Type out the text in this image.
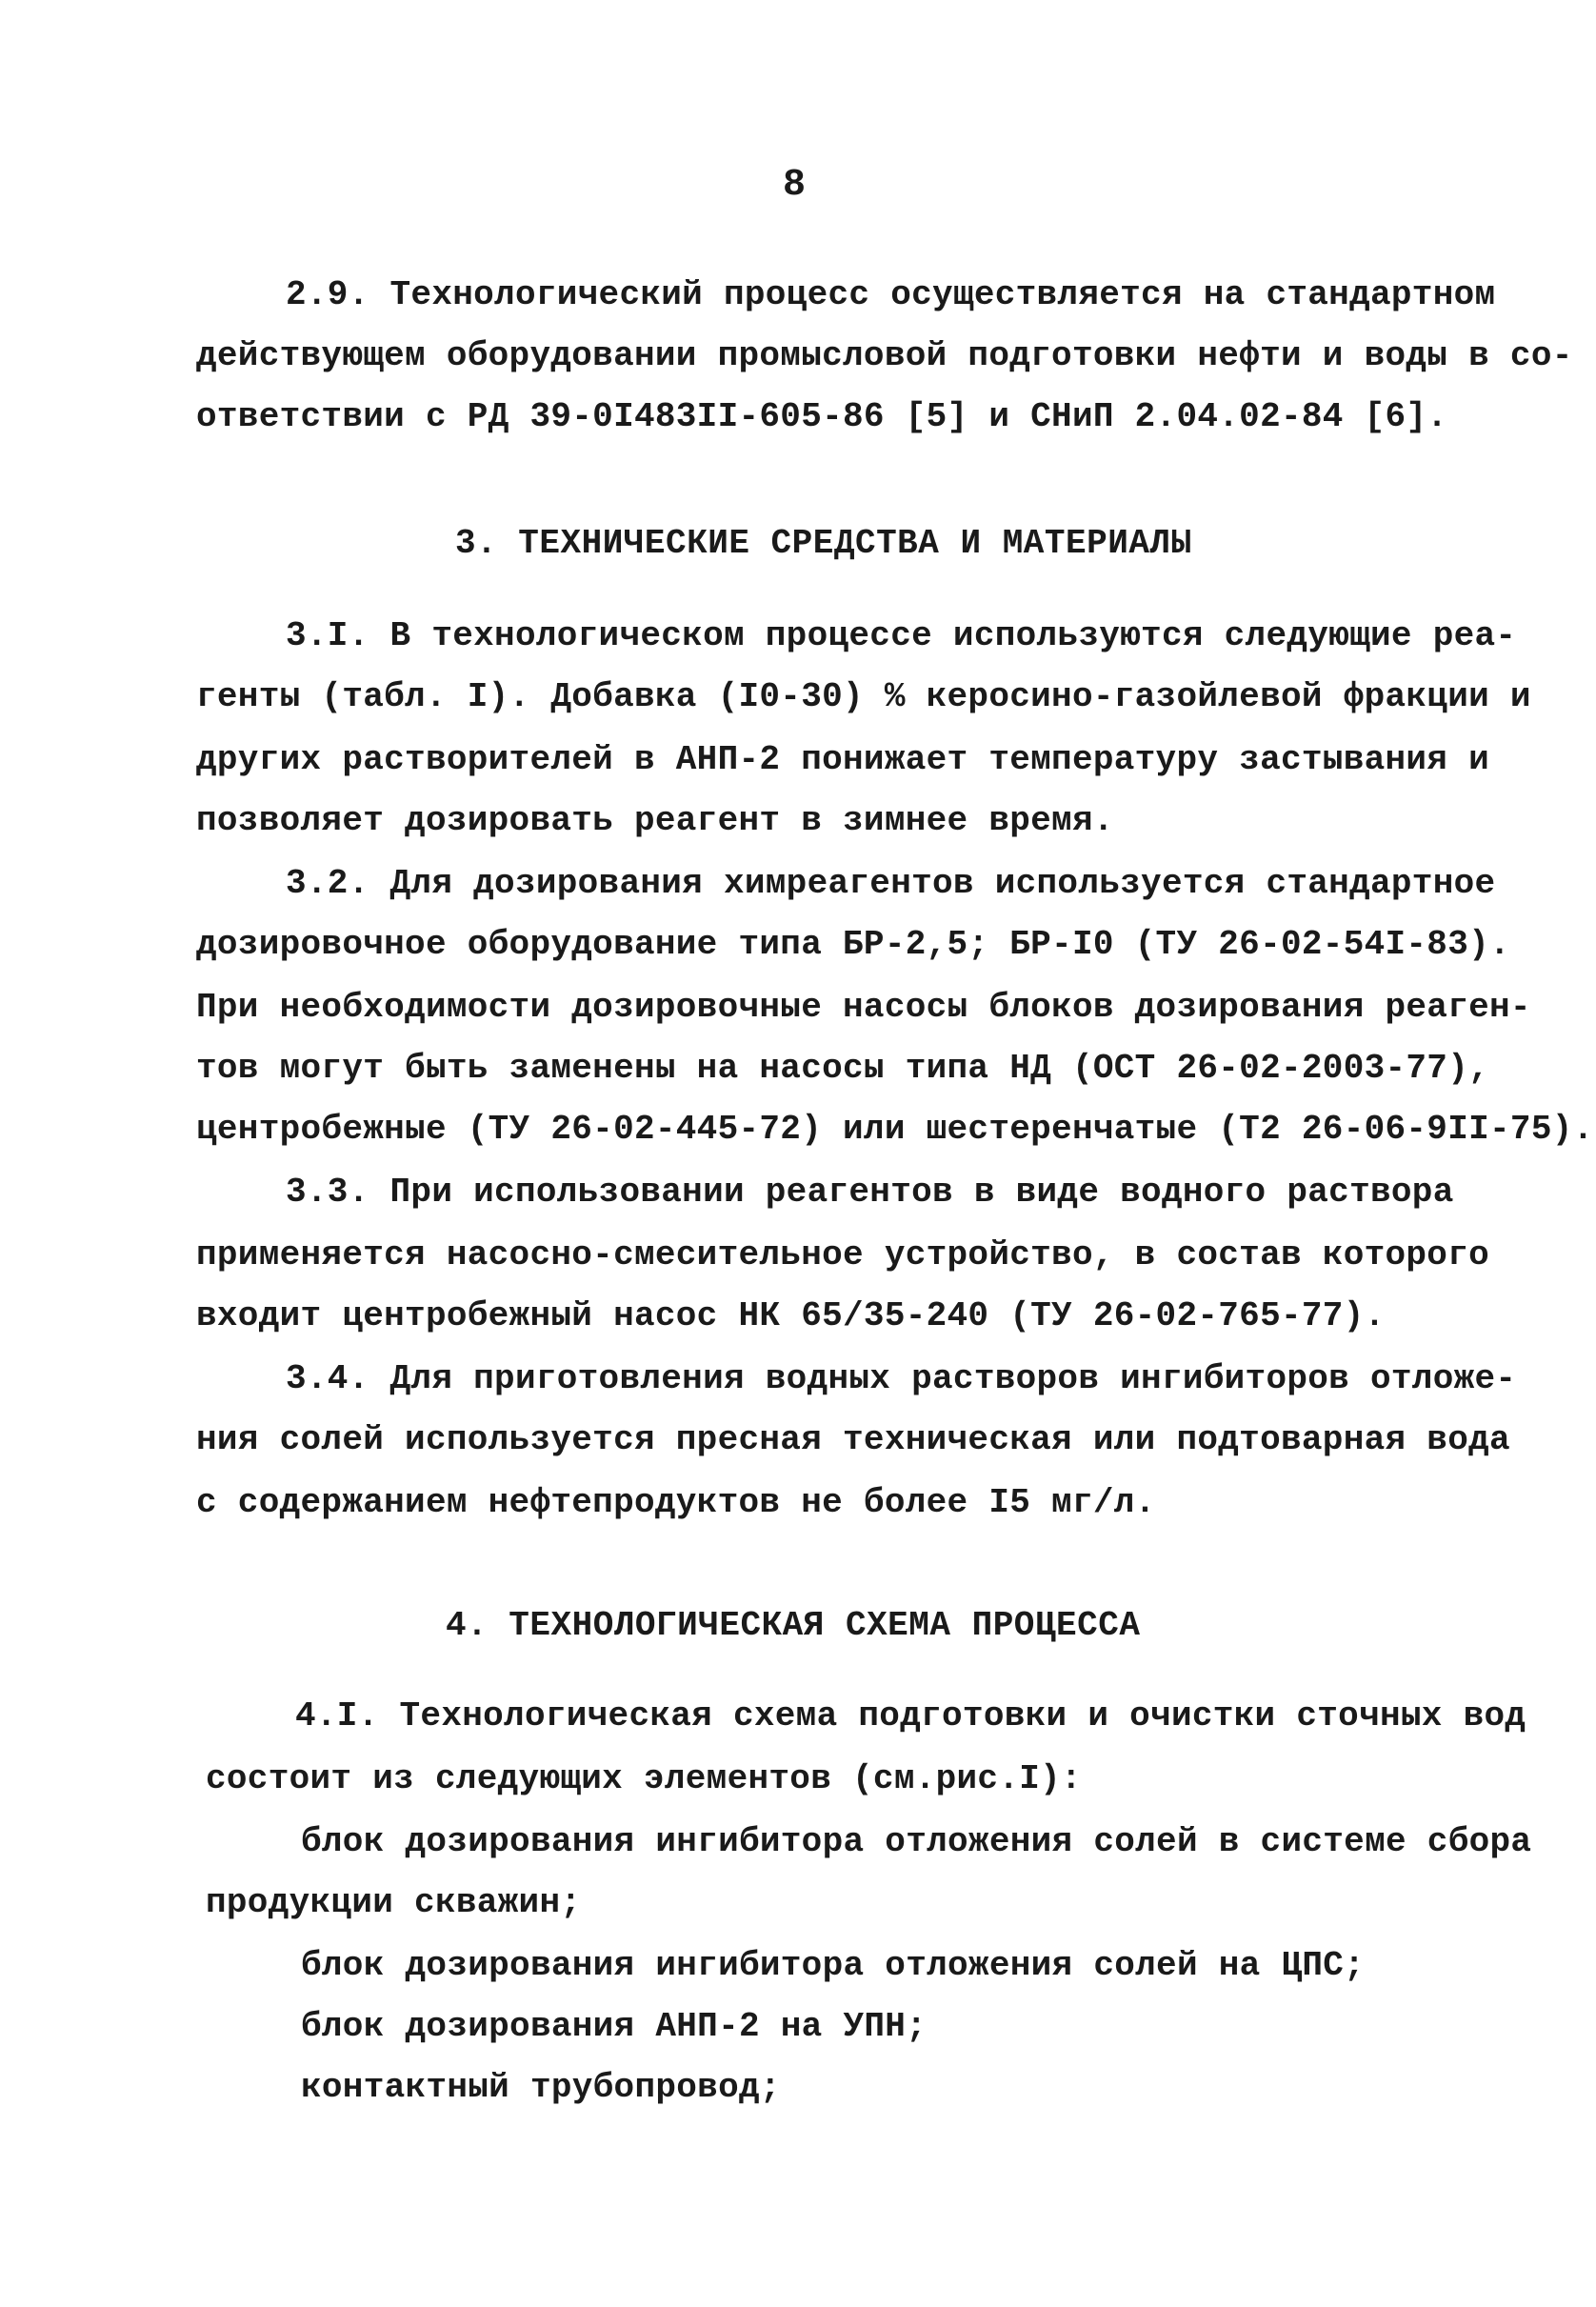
8
2.9. Технологический процесс осуществляется на стандартном
действующем оборудовании промысловой подготовки нефти и воды в со-
ответствии с РД 39-0I483II-605-86 [5] и СНиП 2.04.02-84 [6].
3. ТЕХНИЧЕСКИЕ СРЕДСТВА И МАТЕРИАЛЫ
3.I. В технологическом процессе используются следующие реа-
генты (табл. I). Добавка (I0-30) % керосино-газойлевой фракции и
других растворителей в АНП-2 понижает температуру застывания и
позволяет дозировать реагент в зимнее время.
3.2. Для дозирования химреагентов используется стандартное
дозировочное оборудование типа БР-2,5; БР-I0 (ТУ 26-02-54I-83).
При необходимости дозировочные насосы блоков дозирования реаген-
тов могут быть заменены на насосы типа НД (ОСТ 26-02-2003-77),
центробежные (ТУ 26-02-445-72) или шестеренчатые (Т2 26-06-9II-75).
3.3. При использовании реагентов в виде водного раствора
применяется насосно-смесительное устройство, в состав которого
входит центробежный насос НК 65/35-240 (ТУ 26-02-765-77).
3.4. Для приготовления водных растворов ингибиторов отложе-
ния солей используется пресная техническая или подтоварная вода
с содержанием нефтепродуктов не более I5 мг/л.
4. ТЕХНОЛОГИЧЕСКАЯ СХЕМА ПРОЦЕССА
4.I. Технологическая схема подготовки и очистки сточных вод
состоит из следующих элементов (см.рис.I):
блок дозирования ингибитора отложения солей в системе сбора
продукции скважин;
блок дозирования ингибитора отложения солей на ЦПС;
блок дозирования АНП-2 на УПН;
контактный трубопровод;
